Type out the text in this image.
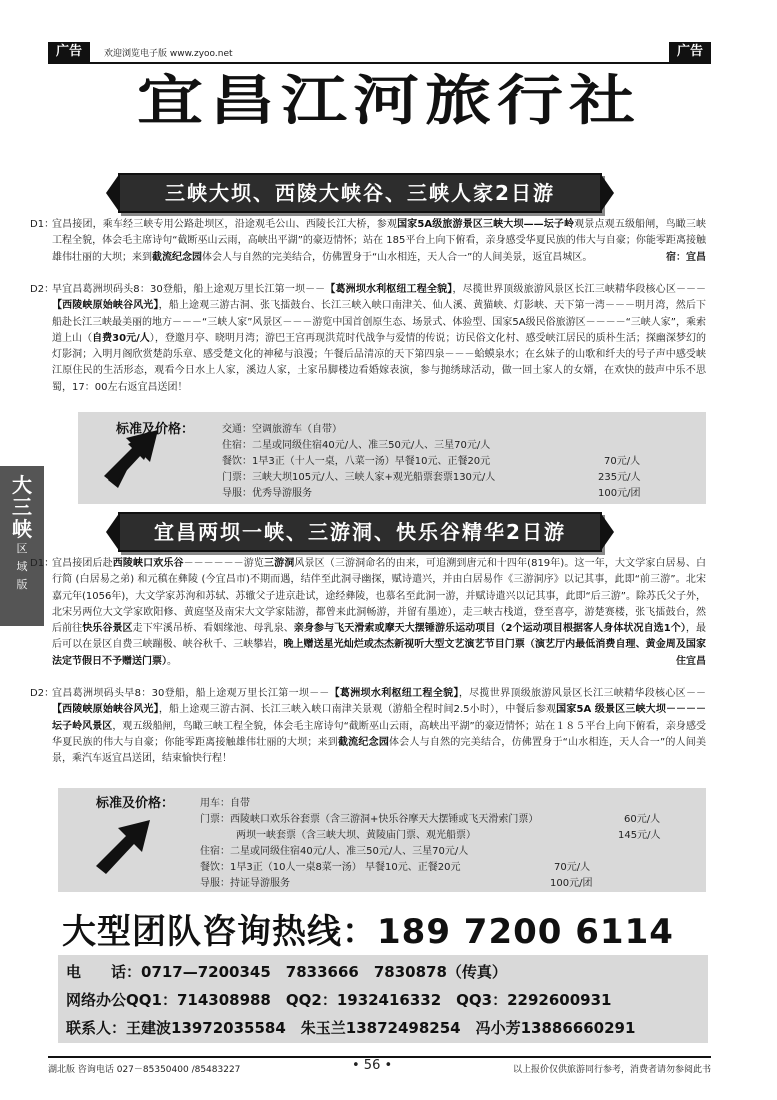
广告	欢迎浏览电子版 www.zyoo.net	广告
宜昌江河旅行社
三峡大坝、西陵大峡谷、三峡人家2日游
D1：
宜昌接团，乘车经三峡专用公路赴坝区，沿途观毛公山、西陵长江大桥，参观国家5A级旅游景区三峡大坝——坛子岭观景点观五级船闸，鸟瞰三峡工程全貌，体会毛主席诗句“截断巫山云雨，高峡出平湖”的豪迈情怀；站在 185平台上向下俯看，亲身感受华夏民族的伟大与自豪；你能零距离接触雄伟壮丽的大坝；来到截流纪念园体会人与自然的完美结合，仿佛置身于“山水相连，天人合一”的人间美景，返宜昌城区。	宿：宜昌
D2：
早宜昌葛洲坝码头8：30登船，船上途观万里长江第一坝－－【葛洲坝水利枢纽工程全貌】，尽揽世界顶级旅游风景区长江三峡精华段核心区－－－【西陵峡原始峡谷风光】，船上途观三游古洞、张飞擂鼓台、长江三峡入峡口南津关、仙人溪、黄猫峡、灯影峡、天下第一湾－－－明月湾，然后下船赴长江三峡最美丽的地方－－－“三峡人家”风景区－－－游览中国首创原生态、场景式、体验型、国家5A级民俗旅游区－－－－“三峡人家”，乘索道上山（自费30元/人），登邀月亭、晓明月湾；游巴王宫再现洪荒时代战争与爱情的传说；访民俗文化村、感受峡江居民的质朴生活；探幽深梦幻的灯影洞；入明月阁欣赏楚韵乐章、感受楚文化的神秘与浪漫；午餐后品清凉的天下第四泉－－－蛤蟆泉水；在幺妹子的山歌和纤夫的号子声中感受峡江原住民的生活形态，观看今日水上人家，溪边人家，土家吊脚楼边看婚嫁表演，参与抛绣球活动，做一回土家人的女婿，在欢快的鼓声中乐不思蜀，17：00左右返宜昌送团！
标准及价格：	交通：空调旅游车（自带）
住宿：二星或同级住宿40元/人、准三50元/人、三星70元/人
餐饮：1早3正（十人一桌，八菜一汤）早餐10元、正餐20元	70元/人
门票：三峡大坝105元/人、三峡人家+观光船票套票130元/人	235元/人
导服：优秀导游服务	100元/团
大
三
峡
区
域
版
宜昌两坝一峡、三游洞、快乐谷精华2日游
D1：
宜昌接团后赴西陵峡口欢乐谷－－－－－－游览三游洞风景区（三游洞命名的由来，可追溯到唐元和十四年(819年)。这一年，大文学家白居易、白行简 (白居易之弟) 和元稹在彝陵 (今宜昌市)不期而遇，结伴至此洞寻幽探，赋诗遣兴，并由白居易作《三游洞序》以记其事，此即“前三游”。北宋嘉元年(1056年)，大文学家苏洵和苏轼、苏辙父子进京赴试，途经彝陵，也慕名至此洞一游，并赋诗遣兴以记其事，此即“后三游”。除苏氏父子外，北宋另两位大文学家欧阳修、黄庭坚及南宋大文学家陆游，都曾来此洞畅游，并留有墨迹），走三峡古栈道，登至喜亭，游楚赛楼，张飞擂鼓台，然后前往快乐谷景区走下牢溪吊桥、看姻缘池、母乳泉、亲身参与飞天滑索或摩天大摆锤游乐运动项目（2个运动项目根据客人身体状况自选1个），最后可以在景区自费三峡蹦极、峡谷秋千、三峡攀岩，晚上赠送星光灿烂或杰杰新视听大型文艺演艺节目门票（演艺厅内最低消费自理、黄金周及国家法定节假日不予赠送门票）。	住宜昌
D2：
宜昌葛洲坝码头早8：30登船，船上途观万里长江第一坝－－【葛洲坝水利枢纽工程全貌】，尽揽世界顶级旅游风景区长江三峡精华段核心区－－【西陵峡原始峡谷风光】，船上途观三游古洞、长江三峡入峡口南津关景观（游船全程时间2.5小时），中餐后参观国家5A 级景区三峡大坝－－－－坛子岭风景区，观五级船闸，鸟瞰三峡工程全貌，体会毛主席诗句“截断巫山云雨，高峡出平湖”的豪迈情怀；站在１８５平台上向下俯看，亲身感受华夏民族的伟大与自豪；你能零距离接触雄伟壮丽的大坝；来到截流纪念园体会人与自然的完美结合，仿佛置身于“山水相连，天人合一”的人间美景，乘汽车返宜昌送团，结束愉快行程！
标准及价格：	用车：自带
门票：西陵峡口欢乐谷套票（含三游洞+快乐谷摩天大摆锤或飞天滑索门票）	60元/人
两坝一峡套票（含三峡大坝、黄陵庙门票、观光船票）	145元/人
住宿：二星或同级住宿40元/人、准三50元/人、三星70元/人
餐饮：1早3正（10人一桌8菜一汤） 早餐10元、正餐20元	70元/人
导服：持证导游服务	100元/团
大型团队咨询热线：189 7200 6114
电　　话：0717—7200345　7833666　7830878（传真）
网络办公QQ1：714308988　QQ2：1932416332　QQ3：2292600931
联系人：王建波13972035584　朱玉兰13872498254　冯小芳13886660291
湖北版 咨询电话 027－85350400 /85483227	• 56 •	以上报价仅供旅游同行参考，消费者请勿参阅此书
